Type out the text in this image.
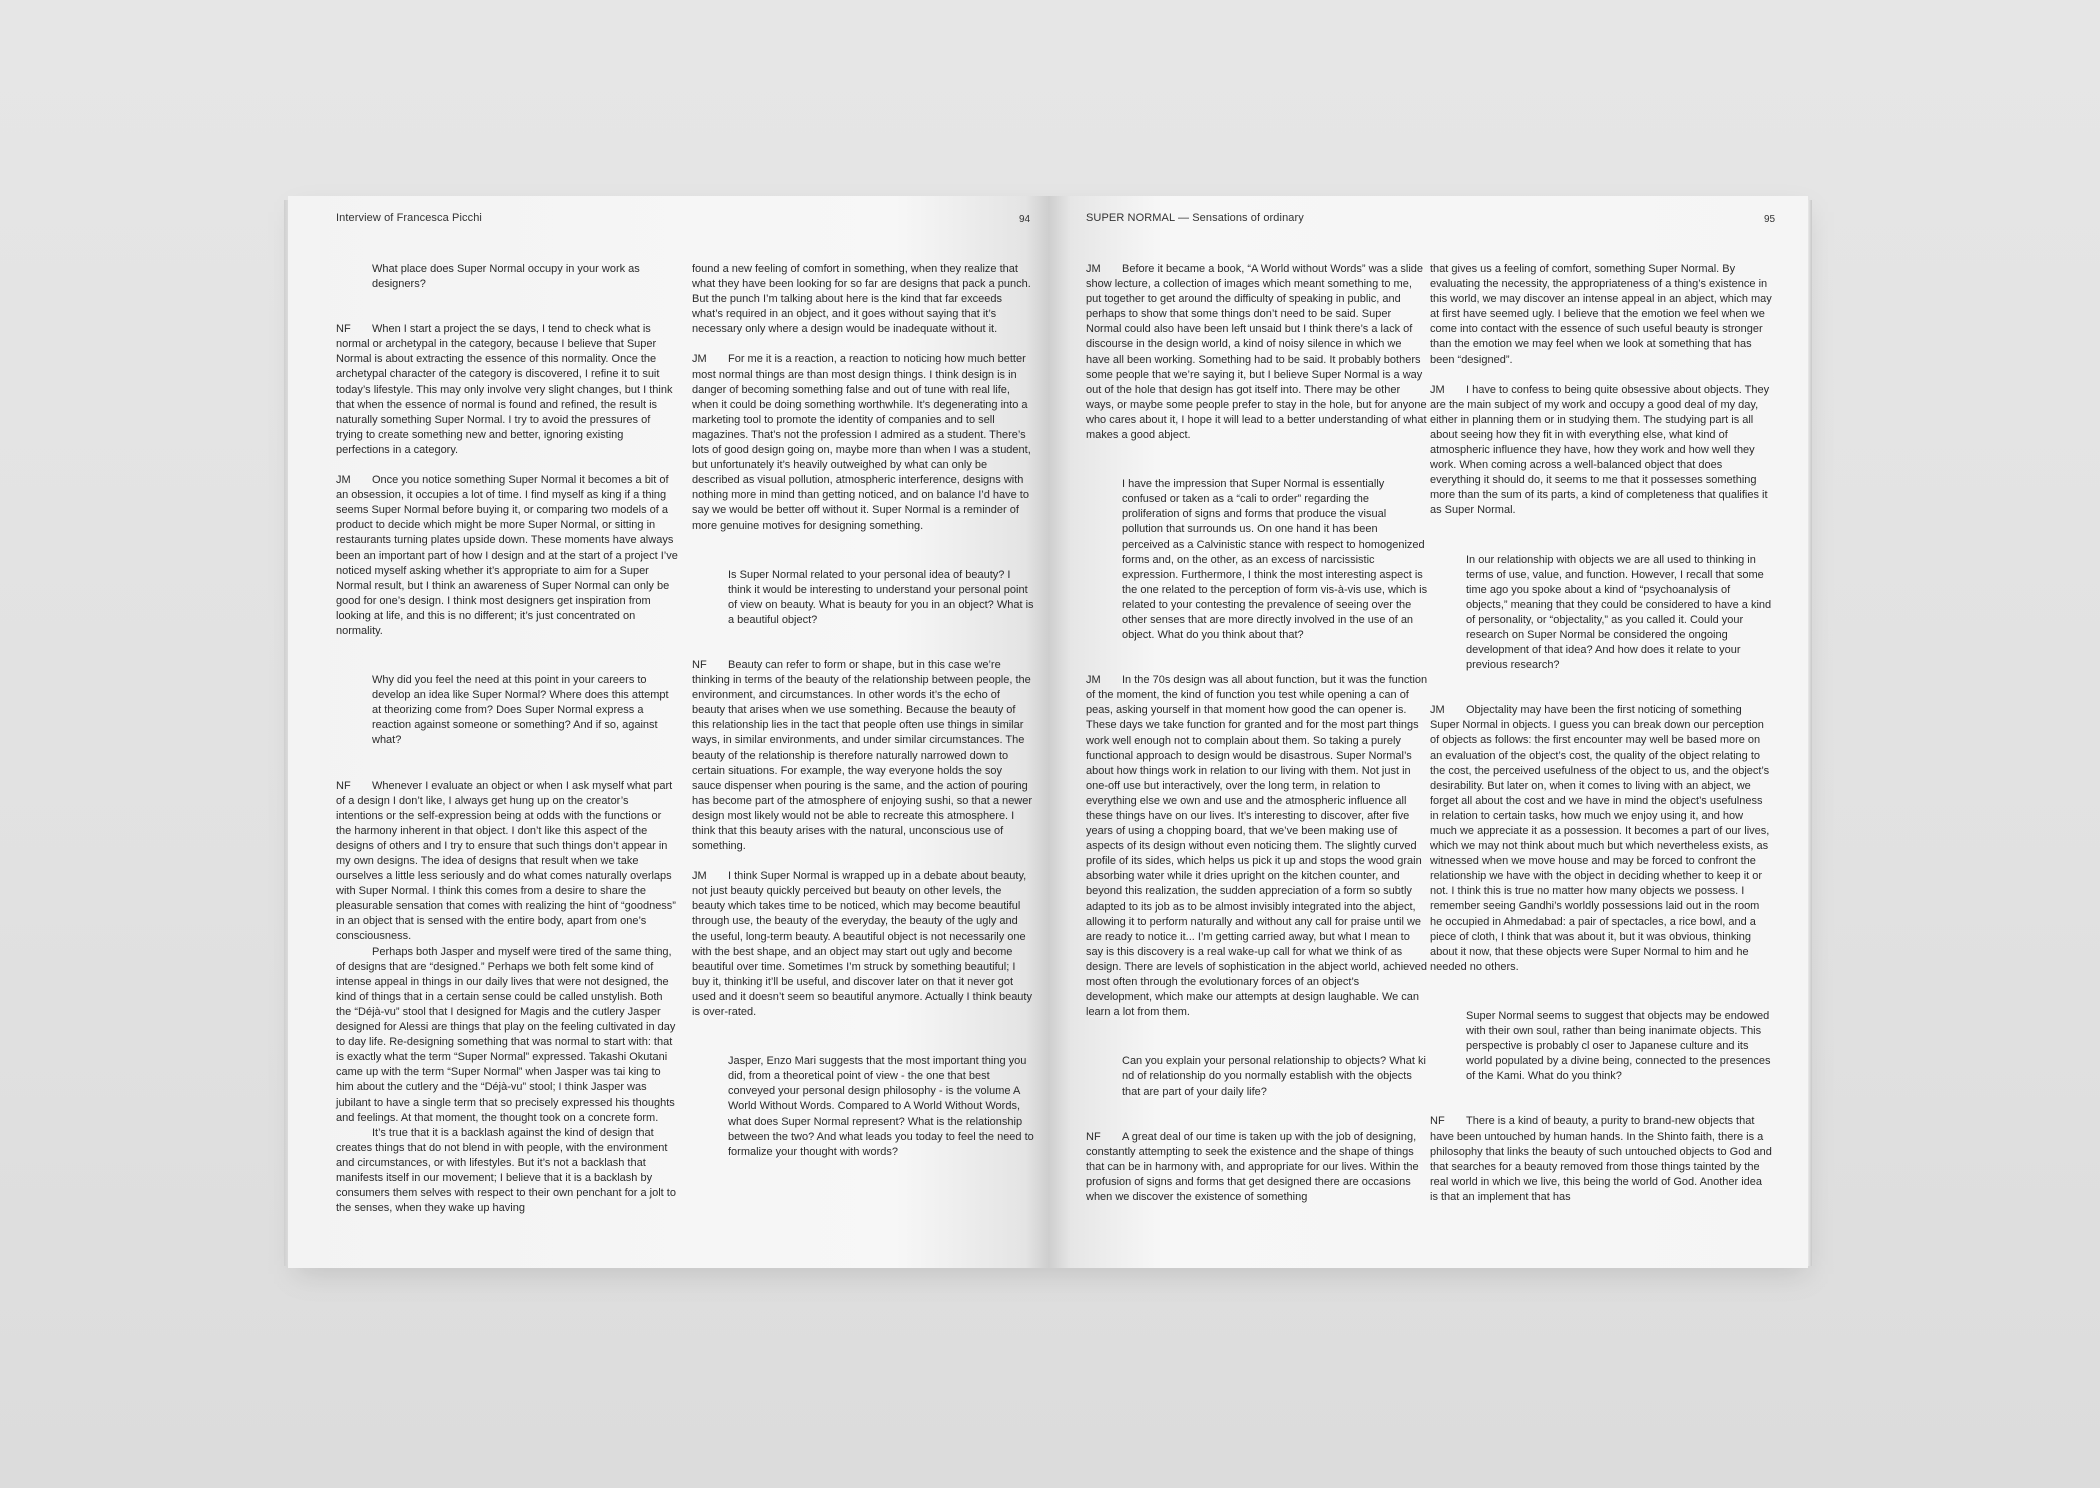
Interview of Francesca Picchi	94

What place does Super Normal occupy in your work as designers?

NF When I start a project the se days, I tend to check what is normal or archetypal in the category, because I believe that Super Normal is about extracting the essence of this normality. Once the archetypal character of the category is discovered, I refine it to suit today’s lifestyle. This may only involve very slight changes, but I think that when the essence of normal is found and refined, the result is naturally something Super Normal. I try to avoid the pressures of trying to create something new and better, ignoring existing perfections in a category.

JM Once you notice something Super Normal it becomes a bit of an obsession, it occupies a lot of time. I find myself as king if a thing seems Super Normal before buying it, or comparing two models of a product to decide which might be more Super Normal, or sitting in restaurants turning plates upside down. These moments have always been an important part of how I design and at the start of a project I’ve noticed myself asking whether it’s appropriate to aim for a Super Normal result, but I think an awareness of Super Normal can only be good for one’s design. I think most designers get inspiration from looking at life, and this is no different; it’s just concentrated on normality.

Why did you feel the need at this point in your careers to develop an idea like Super Normal? Where does this attempt at theorizing come from? Does Super Normal express a reaction against someone or something? And if so, against what?

NF Whenever I evaluate an object or when I ask myself what part of a design I don’t like, I always get hung up on the creator’s intentions or the self-expression being at odds with the functions or the harmony inherent in that object. I don’t like this aspect of the designs of others and I try to ensure that such things don’t appear in my own designs. The idea of designs that result when we take ourselves a little less seriously and do what comes naturally overlaps with Super Normal. I think this comes from a desire to share the pleasurable sensation that comes with realizing the hint of “goodness” in an object that is sensed with the entire body, apart from one’s consciousness.

Perhaps both Jasper and myself were tired of the same thing, of designs that are “designed.” Perhaps we both felt some kind of intense appeal in things in our daily lives that were not designed, the kind of things that in a certain sense could be called unstylish. Both the “Déjà-vu” stool that I designed for Magis and the cutlery Jasper designed for Alessi are things that play on the feeling cultivated in day to day life. Re-designing something that was normal to start with: that is exactly what the term “Super Normal” expressed. Takashi Okutani came up with the term “Super Normal” when Jasper was tai king to him about the cutlery and the “Déjà-vu” stool; I think Jasper was jubilant to have a single term that so precisely expressed his thoughts and feelings. At that moment, the thought took on a concrete form.

It’s true that it is a backlash against the kind of design that creates things that do not blend in with people, with the environment and circumstances, or with lifestyles. But it’s not a backlash that manifests itself in our movement; I believe that it is a backlash by consumers them selves with respect to their own penchant for a jolt to the senses, when they wake up having

found a new feeling of comfort in something, when they realize that what they have been looking for so far are designs that pack a punch. But the punch I’m talking about here is the kind that far exceeds what’s required in an object, and it goes without saying that it’s necessary only where a design would be inadequate without it.

JM For me it is a reaction, a reaction to noticing how much better most normal things are than most design things. I think design is in danger of becoming something false and out of tune with real life, when it could be doing something worthwhile. It’s degenerating into a marketing tool to promote the identity of companies and to sell magazines. That’s not the profession I admired as a student. There’s lots of good design going on, maybe more than when I was a student, but unfortunately it’s heavily outweighed by what can only be described as visual pollution, atmospheric interference, designs with nothing more in mind than getting noticed, and on balance I’d have to say we would be better off without it. Super Normal is a reminder of more genuine motives for designing something.

Is Super Normal related to your personal idea of beauty? I think it would be interesting to understand your personal point of view on beauty. What is beauty for you in an object? What is a beautiful object?

NF Beauty can refer to form or shape, but in this case we’re thinking in terms of the beauty of the relationship between people, the environment, and circumstances. In other words it’s the echo of beauty that arises when we use something. Because the beauty of this relationship lies in the tact that people often use things in similar ways, in similar environments, and under similar circumstances. The beauty of the relationship is therefore naturally narrowed down to certain situations. For example, the way everyone holds the soy sauce dispenser when pouring is the same, and the action of pouring has become part of the atmosphere of enjoying sushi, so that a newer design most likely would not be able to recreate this atmosphere. I think that this beauty arises with the natural, unconscious use of something.

JM I think Super Normal is wrapped up in a debate about beauty, not just beauty quickly perceived but beauty on other levels, the beauty which takes time to be noticed, which may become beautiful through use, the beauty of the everyday, the beauty of the ugly and the useful, long-term beauty. A beautiful object is not necessarily one with the best shape, and an object may start out ugly and become beautiful over time. Sometimes I’m struck by something beautiful; I buy it, thinking it’ll be useful, and discover later on that it never got used and it doesn’t seem so beautiful anymore. Actually I think beauty is over-rated.

Jasper, Enzo Mari suggests that the most important thing you did, from a theoretical point of view - the one that best conveyed your personal design philosophy - is the volume A World Without Words. Compared to A World Without Words, what does Super Normal represent? What is the relationship between the two? And what leads you today to feel the need to formalize your thought with words?

SUPER NORMAL — Sensations of ordinary	95

JM Before it became a book, “A World without Words” was a slide show lecture, a collection of images which meant something to me, put together to get around the difficulty of speaking in public, and perhaps to show that some things don’t need to be said. Super Normal could also have been left unsaid but I think there’s a lack of discourse in the design world, a kind of noisy silence in which we have all been working. Something had to be said. It probably bothers some people that we’re saying it, but I believe Super Normal is a way out of the hole that design has got itself into. There may be other ways, or maybe some people prefer to stay in the hole, but for anyone who cares about it, I hope it will lead to a better understanding of what makes a good abject.

I have the impression that Super Normal is essentially confused or taken as a “cali to order” regarding the proliferation of signs and forms that produce the visual pollution that surrounds us. On one hand it has been perceived as a Calvinistic stance with respect to homogenized forms and, on the other, as an excess of narcissistic expression. Furthermore, I think the most interesting aspect is the one related to the perception of form vis-à-vis use, which is related to your contesting the prevalence of seeing over the other senses that are more directly involved in the use of an object. What do you think about that?

JM In the 70s design was all about function, but it was the function of the moment, the kind of function you test while opening a can of peas, asking yourself in that moment how good the can opener is. These days we take function for granted and for the most part things work well enough not to complain about them. So taking a purely functional approach to design would be disastrous. Super Normal’s about how things work in relation to our living with them. Not just in one-off use but interactively, over the long term, in relation to everything else we own and use and the atmospheric influence all these things have on our lives. It’s interesting to discover, after five years of using a chopping board, that we’ve been making use of aspects of its design without even noticing them. The slightly curved profile of its sides, which helps us pick it up and stops the wood grain absorbing water while it dries upright on the kitchen counter, and beyond this realization, the sudden appreciation of a form so subtly adapted to its job as to be almost invisibly integrated into the abject, allowing it to perform naturally and without any call for praise until we are ready to notice it... I’m getting carried away, but what I mean to say is this discovery is a real wake-up call for what we think of as design. There are levels of sophistication in the abject world, achieved most often through the evolutionary forces of an object’s development, which make our attempts at design laughable. We can learn a lot from them.

Can you explain your personal relationship to objects? What ki nd of relationship do you normally establish with the objects that are part of your daily life?

NF A great deal of our time is taken up with the job of designing, constantly attempting to seek the existence and the shape of things that can be in harmony with, and appropriate for our lives. Within the profusion of signs and forms that get designed there are occasions when we discover the existence of something

that gives us a feeling of comfort, something Super Normal. By evaluating the necessity, the appropriateness of a thing’s existence in this world, we may discover an intense appeal in an abject, which may at first have seemed ugly. I believe that the emotion we feel when we come into contact with the essence of such useful beauty is stronger than the emotion we may feel when we look at something that has been “designed”.

JM I have to confess to being quite obsessive about objects. They are the main subject of my work and occupy a good deal of my day, either in planning them or in studying them. The studying part is all about seeing how they fit in with everything else, what kind of atmospheric influence they have, how they work and how well they work. When coming across a well-balanced object that does everything it should do, it seems to me that it possesses something more than the sum of its parts, a kind of completeness that qualifies it as Super Normal.

In our relationship with objects we are all used to thinking in terms of use, value, and function. However, I recall that some time ago you spoke about a kind of “psychoanalysis of objects,” meaning that they could be considered to have a kind of personality, or “objectality,” as you called it. Could your research on Super Normal be considered the ongoing development of that idea? And how does it relate to your previous research?

JM Objectality may have been the first noticing of something Super Normal in objects. I guess you can break down our perception of objects as follows: the first encounter may well be based more on an evaluation of the object’s cost, the quality of the object relating to the cost, the perceived usefulness of the object to us, and the object’s desirability. But later on, when it comes to living with an abject, we forget all about the cost and we have in mind the object’s usefulness in relation to certain tasks, how much we enjoy using it, and how much we appreciate it as a possession. It becomes a part of our lives, which we may not think about much but which nevertheless exists, as witnessed when we move house and may be forced to confront the relationship we have with the object in deciding whether to keep it or not. I think this is true no matter how many objects we possess. I remember seeing Gandhi’s worldly possessions laid out in the room he occupied in Ahmedabad: a pair of spectacles, a rice bowl, and a piece of cloth, I think that was about it, but it was obvious, thinking about it now, that these objects were Super Normal to him and he needed no others.

Super Normal seems to suggest that objects may be endowed with their own soul, rather than being inanimate objects. This perspective is probably cl oser to Japanese culture and its world populated by a divine being, connected to the presences of the Kami. What do you think?

NF There is a kind of beauty, a purity to brand-new objects that have been untouched by human hands. In the Shinto faith, there is a philosophy that links the beauty of such untouched objects to God and that searches for a beauty removed from those things tainted by the real world in which we live, this being the world of God. Another idea is that an implement that has
